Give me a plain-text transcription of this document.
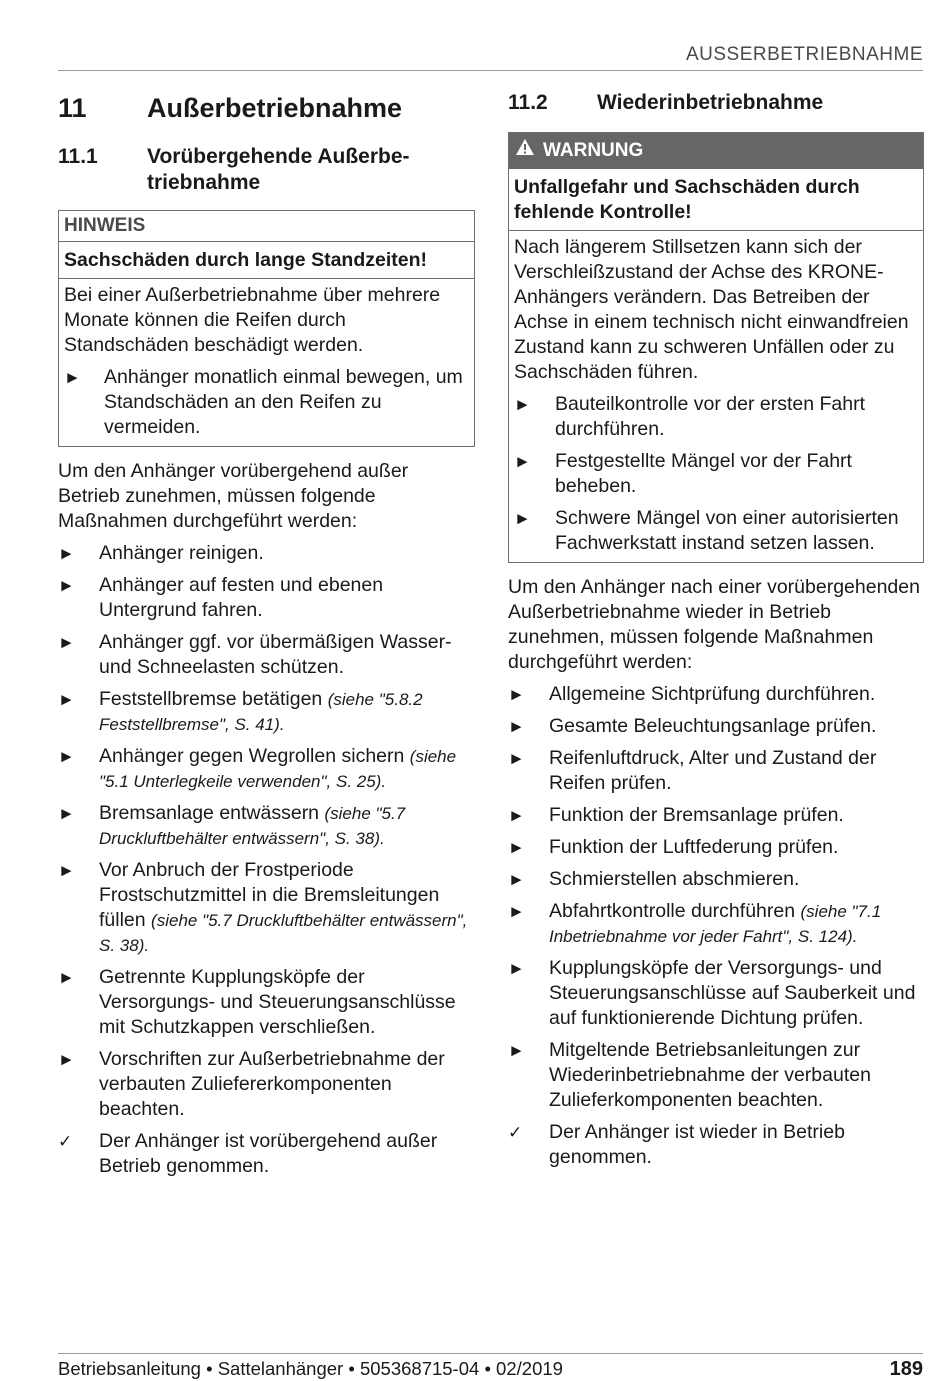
AUSSERBETRIEBNAHME
11	Außerbetriebnahme
11.1	Vorübergehende Außerbe-
triebnahme
HINWEIS
Sachschäden durch lange Standzeiten!

Bei einer Außerbetriebnahme über mehrere Monate können die Reifen durch Standschäden beschädigt werden.

►	Anhänger monatlich einmal bewegen, um Standschäden an den Reifen zu vermeiden.

Um den Anhänger vorübergehend außer Betrieb zunehmen, müssen folgende Maßnahmen durchgeführt werden:

►	Anhänger reinigen.
►	Anhänger auf festen und ebenen Untergrund fahren.
►	Anhänger ggf. vor übermäßigen Wasser- und Schneelasten schützen.
►	Feststellbremse betätigen (siehe "5.8.2 Feststellbremse", S. 41).
►	Anhänger gegen Wegrollen sichern (siehe "5.1 Unterlegkeile verwenden", S. 25).
►	Bremsanlage entwässern (siehe "5.7 Druckluftbehälter entwässern", S. 38).
►	Vor Anbruch der Frostperiode Frostschutzmittel in die Bremsleitungen füllen (siehe "5.7 Druckluftbehälter entwässern", S. 38).
►	Getrennte Kupplungsköpfe der Versorgungs- und Steuerungsanschlüsse mit Schutzkappen verschließen.
►	Vorschriften zur Außerbetriebnahme der verbauten Zuliefererkomponenten beachten.
✓	Der Anhänger ist vorübergehend außer Betrieb genommen.
11.2	Wiederinbetriebnahme
WARNUNG
Unfallgefahr und Sachschäden durch fehlende Kontrolle!

Nach längerem Stillsetzen kann sich der Verschleißzustand der Achse des KRONE-Anhängers verändern. Das Betreiben der Achse in einem technisch nicht einwandfreien Zustand kann zu schweren Unfällen oder zu Sachschäden führen.

►	Bauteilkontrolle vor der ersten Fahrt durchführen.
►	Festgestellte Mängel vor der Fahrt beheben.
►	Schwere Mängel von einer autorisierten Fachwerkstatt instand setzen lassen.

Um den Anhänger nach einer vorübergehenden Außerbetriebnahme wieder in Betrieb zunehmen, müssen folgende Maßnahmen durchgeführt werden:

►	Allgemeine Sichtprüfung durchführen.
►	Gesamte Beleuchtungsanlage prüfen.
►	Reifenluftdruck, Alter und Zustand der Reifen prüfen.
►	Funktion der Bremsanlage prüfen.
►	Funktion der Luftfederung prüfen.
►	Schmierstellen abschmieren.
►	Abfahrtkontrolle durchführen (siehe "7.1 Inbetriebnahme vor jeder Fahrt", S. 124).
►	Kupplungsköpfe der Versorgungs- und Steuerungsanschlüsse auf Sauberkeit und auf funktionierende Dichtung prüfen.
►	Mitgeltende Betriebsanleitungen zur Wiederinbetriebnahme der verbauten Zulieferkomponenten beachten.
✓	Der Anhänger ist wieder in Betrieb genommen.
Betriebsanleitung • Sattelanhänger • 505368715-04 • 02/2019	189
